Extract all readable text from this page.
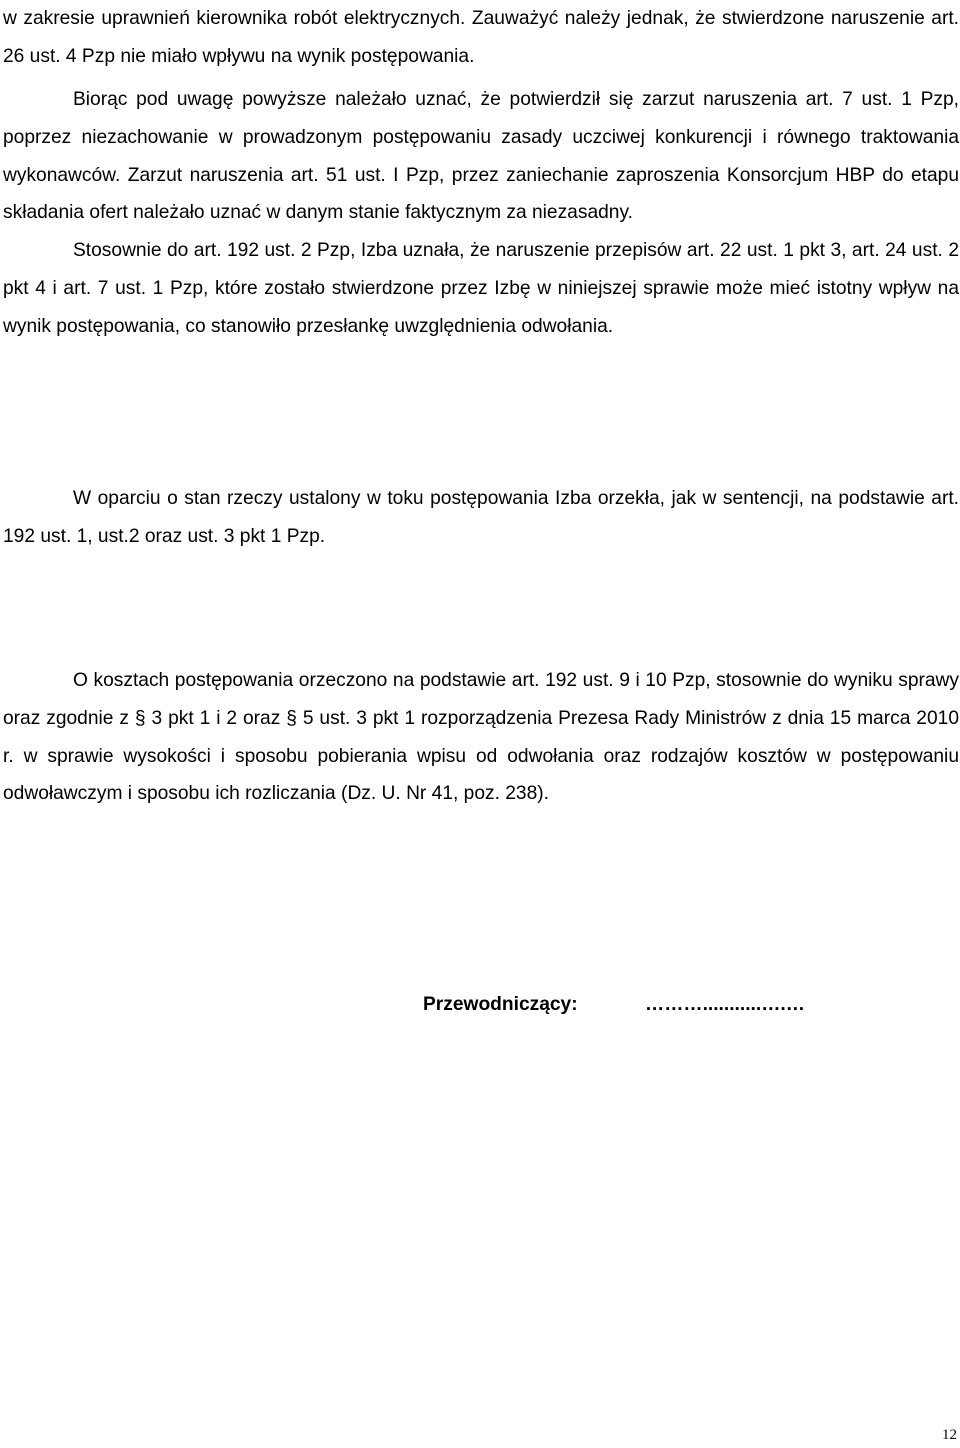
w zakresie uprawnień kierownika robót elektrycznych. Zauważyć należy jednak, że stwierdzone naruszenie art. 26 ust. 4 Pzp nie miało wpływu na wynik postępowania.

Biorąc pod uwagę powyższe należało uznać, że potwierdził się zarzut naruszenia art. 7 ust. 1 Pzp, poprzez niezachowanie w prowadzonym postępowaniu zasady uczciwej konkurencji i równego traktowania wykonawców. Zarzut naruszenia art. 51 ust. I Pzp, przez zaniechanie zaproszenia Konsorcjum HBP do etapu składania ofert należało uznać w danym stanie faktycznym za niezasadny.

Stosownie do art. 192 ust. 2 Pzp, Izba uznała, że naruszenie przepisów art. 22 ust. 1 pkt 3, art. 24 ust. 2 pkt 4 i art. 7 ust. 1 Pzp, które zostało stwierdzone przez Izbę w niniejszej sprawie może mieć istotny wpływ na wynik postępowania, co stanowiło przesłankę uwzględnienia odwołania.

W oparciu o stan rzeczy ustalony w toku postępowania Izba orzekła, jak w sentencji, na podstawie art. 192 ust. 1, ust.2 oraz ust. 3 pkt 1 Pzp.

O kosztach postępowania orzeczono na podstawie art. 192 ust. 9 i 10 Pzp, stosownie do wyniku sprawy oraz zgodnie z § 3 pkt 1 i 2 oraz § 5 ust. 3 pkt 1 rozporządzenia Prezesa Rady Ministrów z dnia 15 marca 2010 r. w sprawie wysokości i sposobu pobierania wpisu od odwołania oraz rodzajów kosztów w postępowaniu odwoławczym i sposobu ich rozliczania (Dz. U. Nr 41, poz. 238).

Przewodniczący:	………...........….…
12
